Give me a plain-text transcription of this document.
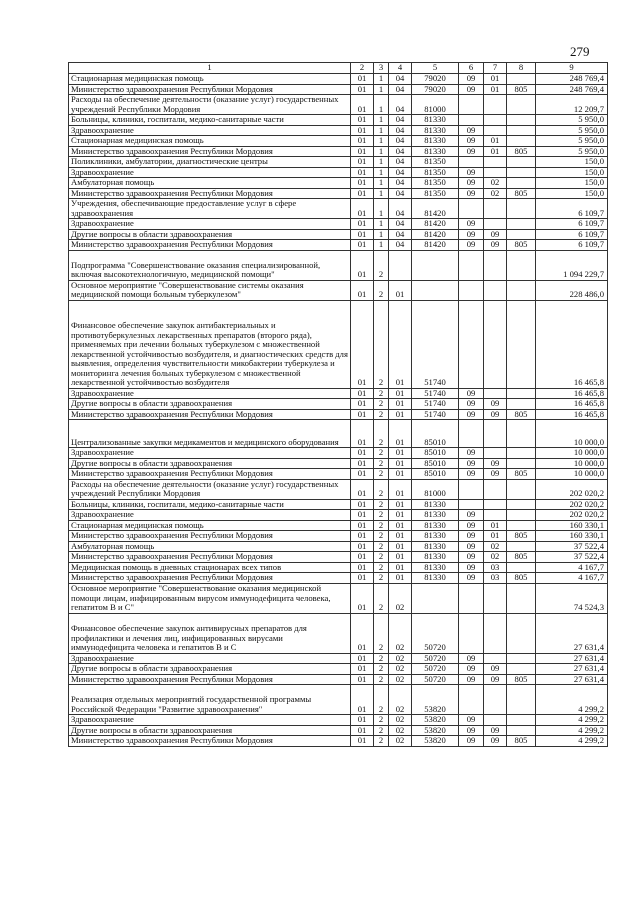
279
1	2	3	4	5	6	7	8	9
Стационарная медицинская помощь	01	1	04	79020	09	01		248 769,4
Министерство здравоохранения Республики Мордовия	01	1	04	79020	09	01	805	248 769,4
Расходы на обеспечение деятельности (оказание услуг) государственных учреждений Республики Мордовия	01	1	04	81000				12 209,7
Больницы, клиники, госпитали, медико-санитарные части	01	1	04	81330				5 950,0
Здравоохранение	01	1	04	81330	09			5 950,0
Стационарная медицинская помощь	01	1	04	81330	09	01		5 950,0
Министерство здравоохранения Республики Мордовия	01	1	04	81330	09	01	805	5 950,0
Поликлиники, амбулатории, диагностические центры	01	1	04	81350				150,0
Здравоохранение	01	1	04	81350	09			150,0
Амбулаторная помощь	01	1	04	81350	09	02		150,0
Министерство здравоохранения Республики Мордовия	01	1	04	81350	09	02	805	150,0
Учреждения, обеспечивающие предоставление услуг в сфере здравоохранения	01	1	04	81420				6 109,7
Здравоохранение	01	1	04	81420	09			6 109,7
Другие вопросы в области здравоохранения	01	1	04	81420	09	09		6 109,7
Министерство здравоохранения Республики Мордовия	01	1	04	81420	09	09	805	6 109,7
Подпрограмма "Совершенствование оказания специализированной, включая высокотехнологичную, медицинской помощи"	01	2						1 094 229,7
Основное мероприятие "Совершенствование системы оказания медицинской помощи больным туберкулезом"	01	2	01					228 486,0
Финансовое обеспечение закупок антибактериальных и противотуберкулезных лекарственных препаратов (второго ряда), применяемых при лечении больных туберкулезом с множественной лекарственной устойчивостью возбудителя, и диагностических средств для выявления, определения чувствительности микобактерии туберкулеза и мониторинга лечения больных туберкулезом с множественной лекарственной устойчивостью возбудителя	01	2	01	51740				16 465,8
Здравоохранение	01	2	01	51740	09			16 465,8
Другие вопросы в области здравоохранения	01	2	01	51740	09	09		16 465,8
Министерство здравоохранения Республики Мордовия	01	2	01	51740	09	09	805	16 465,8
Централизованные закупки медикаментов и медицинского оборудования	01	2	01	85010				10 000,0
Здравоохранение	01	2	01	85010	09			10 000,0
Другие вопросы в области здравоохранения	01	2	01	85010	09	09		10 000,0
Министерство здравоохранения Республики Мордовия	01	2	01	85010	09	09	805	10 000,0
Расходы на обеспечение деятельности (оказание услуг) государственных учреждений Республики Мордовия	01	2	01	81000				202 020,2
Больницы, клиники, госпитали, медико-санитарные части	01	2	01	81330				202 020,2
Здравоохранение	01	2	01	81330	09			202 020,2
Стационарная медицинская помощь	01	2	01	81330	09	01		160 330,1
Министерство здравоохранения Республики Мордовия	01	2	01	81330	09	01	805	160 330,1
Амбулаторная помощь	01	2	01	81330	09	02		37 522,4
Министерство здравоохранения Республики Мордовия	01	2	01	81330	09	02	805	37 522,4
Медицинская помощь в дневных стационарах всех типов	01	2	01	81330	09	03		4 167,7
Министерство здравоохранения Республики Мордовия	01	2	01	81330	09	03	805	4 167,7
Основное мероприятие "Совершенствование оказания медицинской помощи лицам, инфицированным вирусом иммунодефицита человека, гепатитом В и С"	01	2	02					74 524,3
Финансовое обеспечение закупок антивирусных препаратов для профилактики и лечения лиц, инфицированных вирусами иммунодефицита человека и гепатитов В и С	01	2	02	50720				27 631,4
Здравоохранение	01	2	02	50720	09			27 631,4
Другие вопросы в области здравоохранения	01	2	02	50720	09	09		27 631,4
Министерство здравоохранения Республики Мордовия	01	2	02	50720	09	09	805	27 631,4
Реализация отдельных мероприятий государственной программы Российской Федерации "Развитие здравоохранения"	01	2	02	53820				4 299,2
Здравоохранение	01	2	02	53820	09			4 299,2
Другие вопросы в области здравоохранения	01	2	02	53820	09	09		4 299,2
Министерство здравоохранения Республики Мордовия	01	2	02	53820	09	09	805	4 299,2
